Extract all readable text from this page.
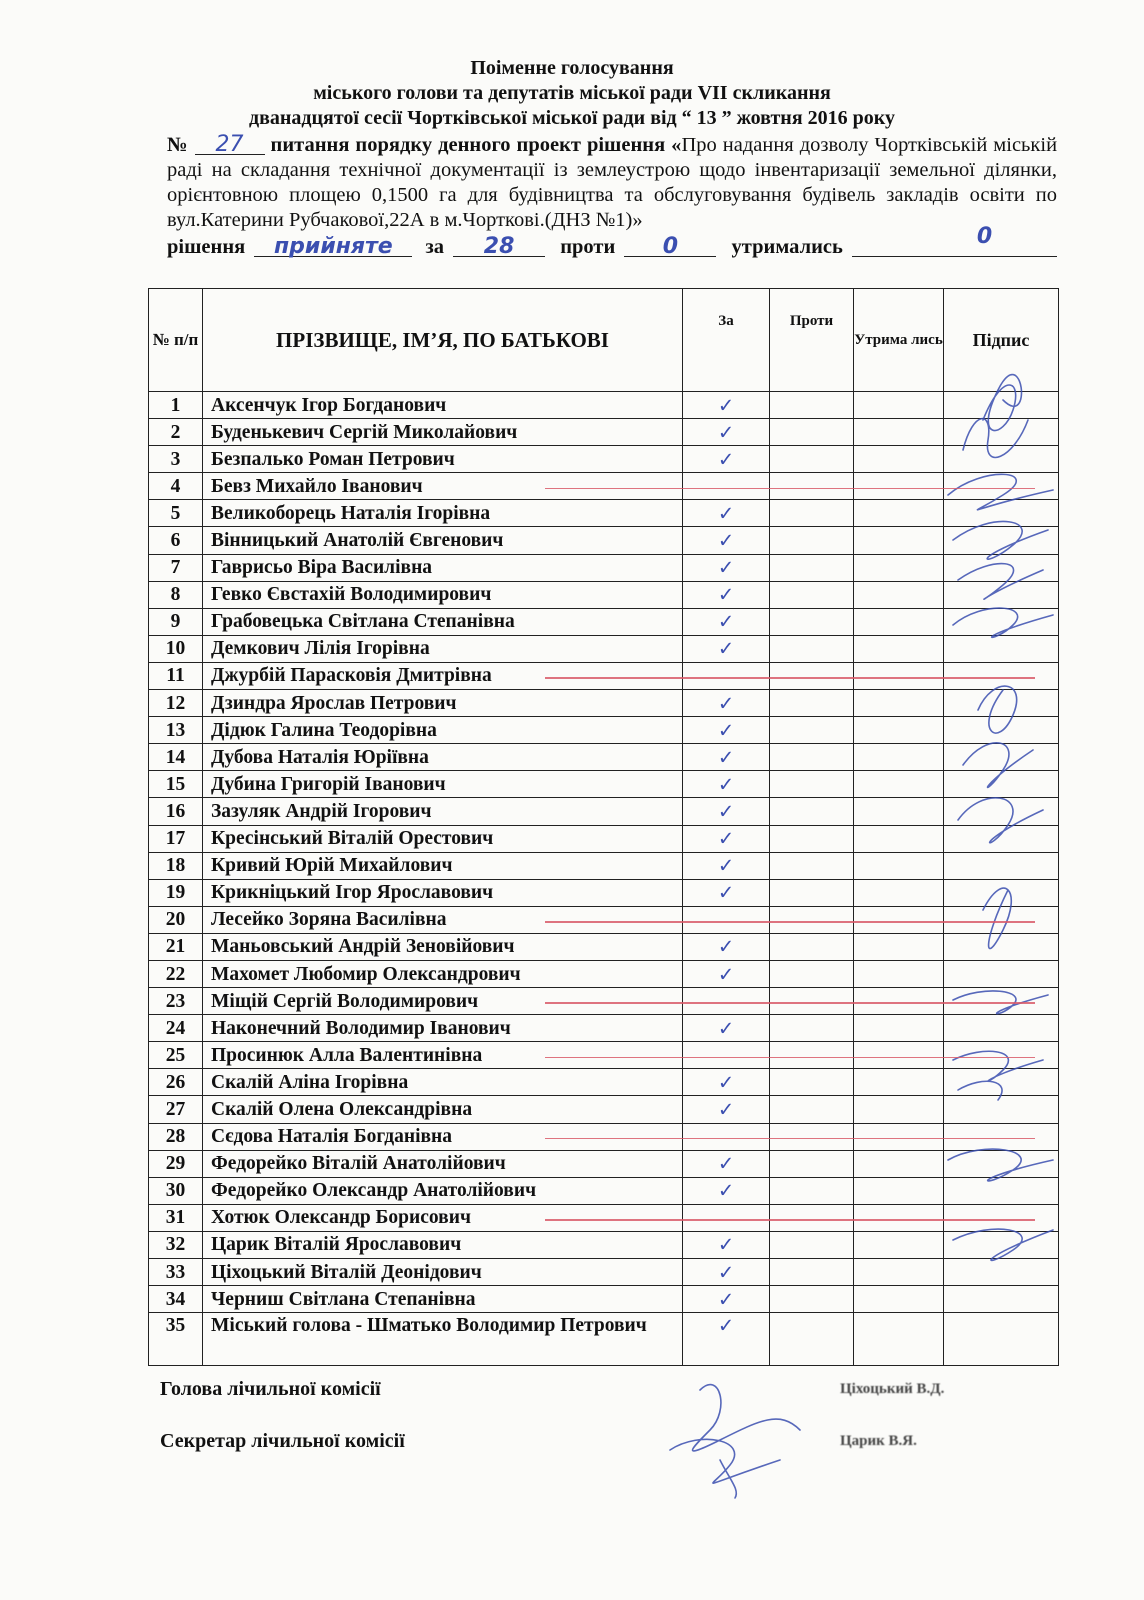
Поіменне голосування
міського голови та депутатів міської ради VII скликання
дванадцятої сесії Чортківської міської ради від “ 13 ” жовтня 2016 року
№ 27 питання порядку денного проект рішення «Про надання дозволу Чортківській міській раді на складання технічної документації із землеустрою щодо інвентаризації земельної ділянки, орієнтовною площею 0,1500 га для будівництва та обслуговування будівель закладів освіти по вул.Катерини Рубчакової,22А в м.Чорткові.(ДНЗ №1)»
рішення прийняте за 28 проти 0	утримались	0
№ п/п	ПРІЗВИЩЕ, ІМ’Я, ПО БАТЬКОВІ	За	Проти	Утрима лись	Підпис
1	Аксенчук Ігор Богданович	✓			
2	Буденькевич Сергій Миколайович	✓			
3	Безпалько Роман Петрович	✓			
4	Бевз Михайло Іванович				
5	Великоборець Наталія Ігорівна	✓			
6	Вінницький Анатолій Євгенович	✓			
7	Гаврисьо Віра Василівна	✓			
8	Гевко Євстахій Володимирович	✓			
9	Грабовецька Світлана Степанівна	✓			
10	Демкович Лілія Ігорівна	✓			
11	Джурбій Парасковія Дмитрівна				
12	Дзиндра Ярослав Петрович	✓			
13	Дідюк Галина Теодорівна	✓			
14	Дубова Наталія Юріївна	✓			
15	Дубина Григорій Іванович	✓			
16	Зазуляк Андрій Ігорович	✓			
17	Кресінський Віталій Орестович	✓			
18	Кривий Юрій Михайлович	✓			
19	Крикніцький Ігор Ярославович	✓			
20	Лесейко Зоряна Василівна				
21	Маньовський Андрій Зеновійович	✓			
22	Махомет Любомир Олександрович	✓			
23	Міщій Сергій Володимирович				
24	Наконечний Володимир Іванович	✓			
25	Просинюк Алла Валентинівна				
26	Скалій Аліна Ігорівна	✓			
27	Скалій Олена Олександрівна	✓			
28	Сєдова Наталія Богданівна				
29	Федорейко Віталій Анатолійович	✓			
30	Федорейко Олександр Анатолійович	✓			
31	Хотюк Олександр Борисович				
32	Царик Віталій Ярославович	✓			
33	Ціхоцький Віталій Деонідович	✓			
34	Черниш Світлана Степанівна	✓			
35	Міський голова - Шматько Володимир Петрович	✓			
Голова лічильної комісії	Ціхоцький В.Д.
Секретар лічильної комісії	Царик В.Я.
